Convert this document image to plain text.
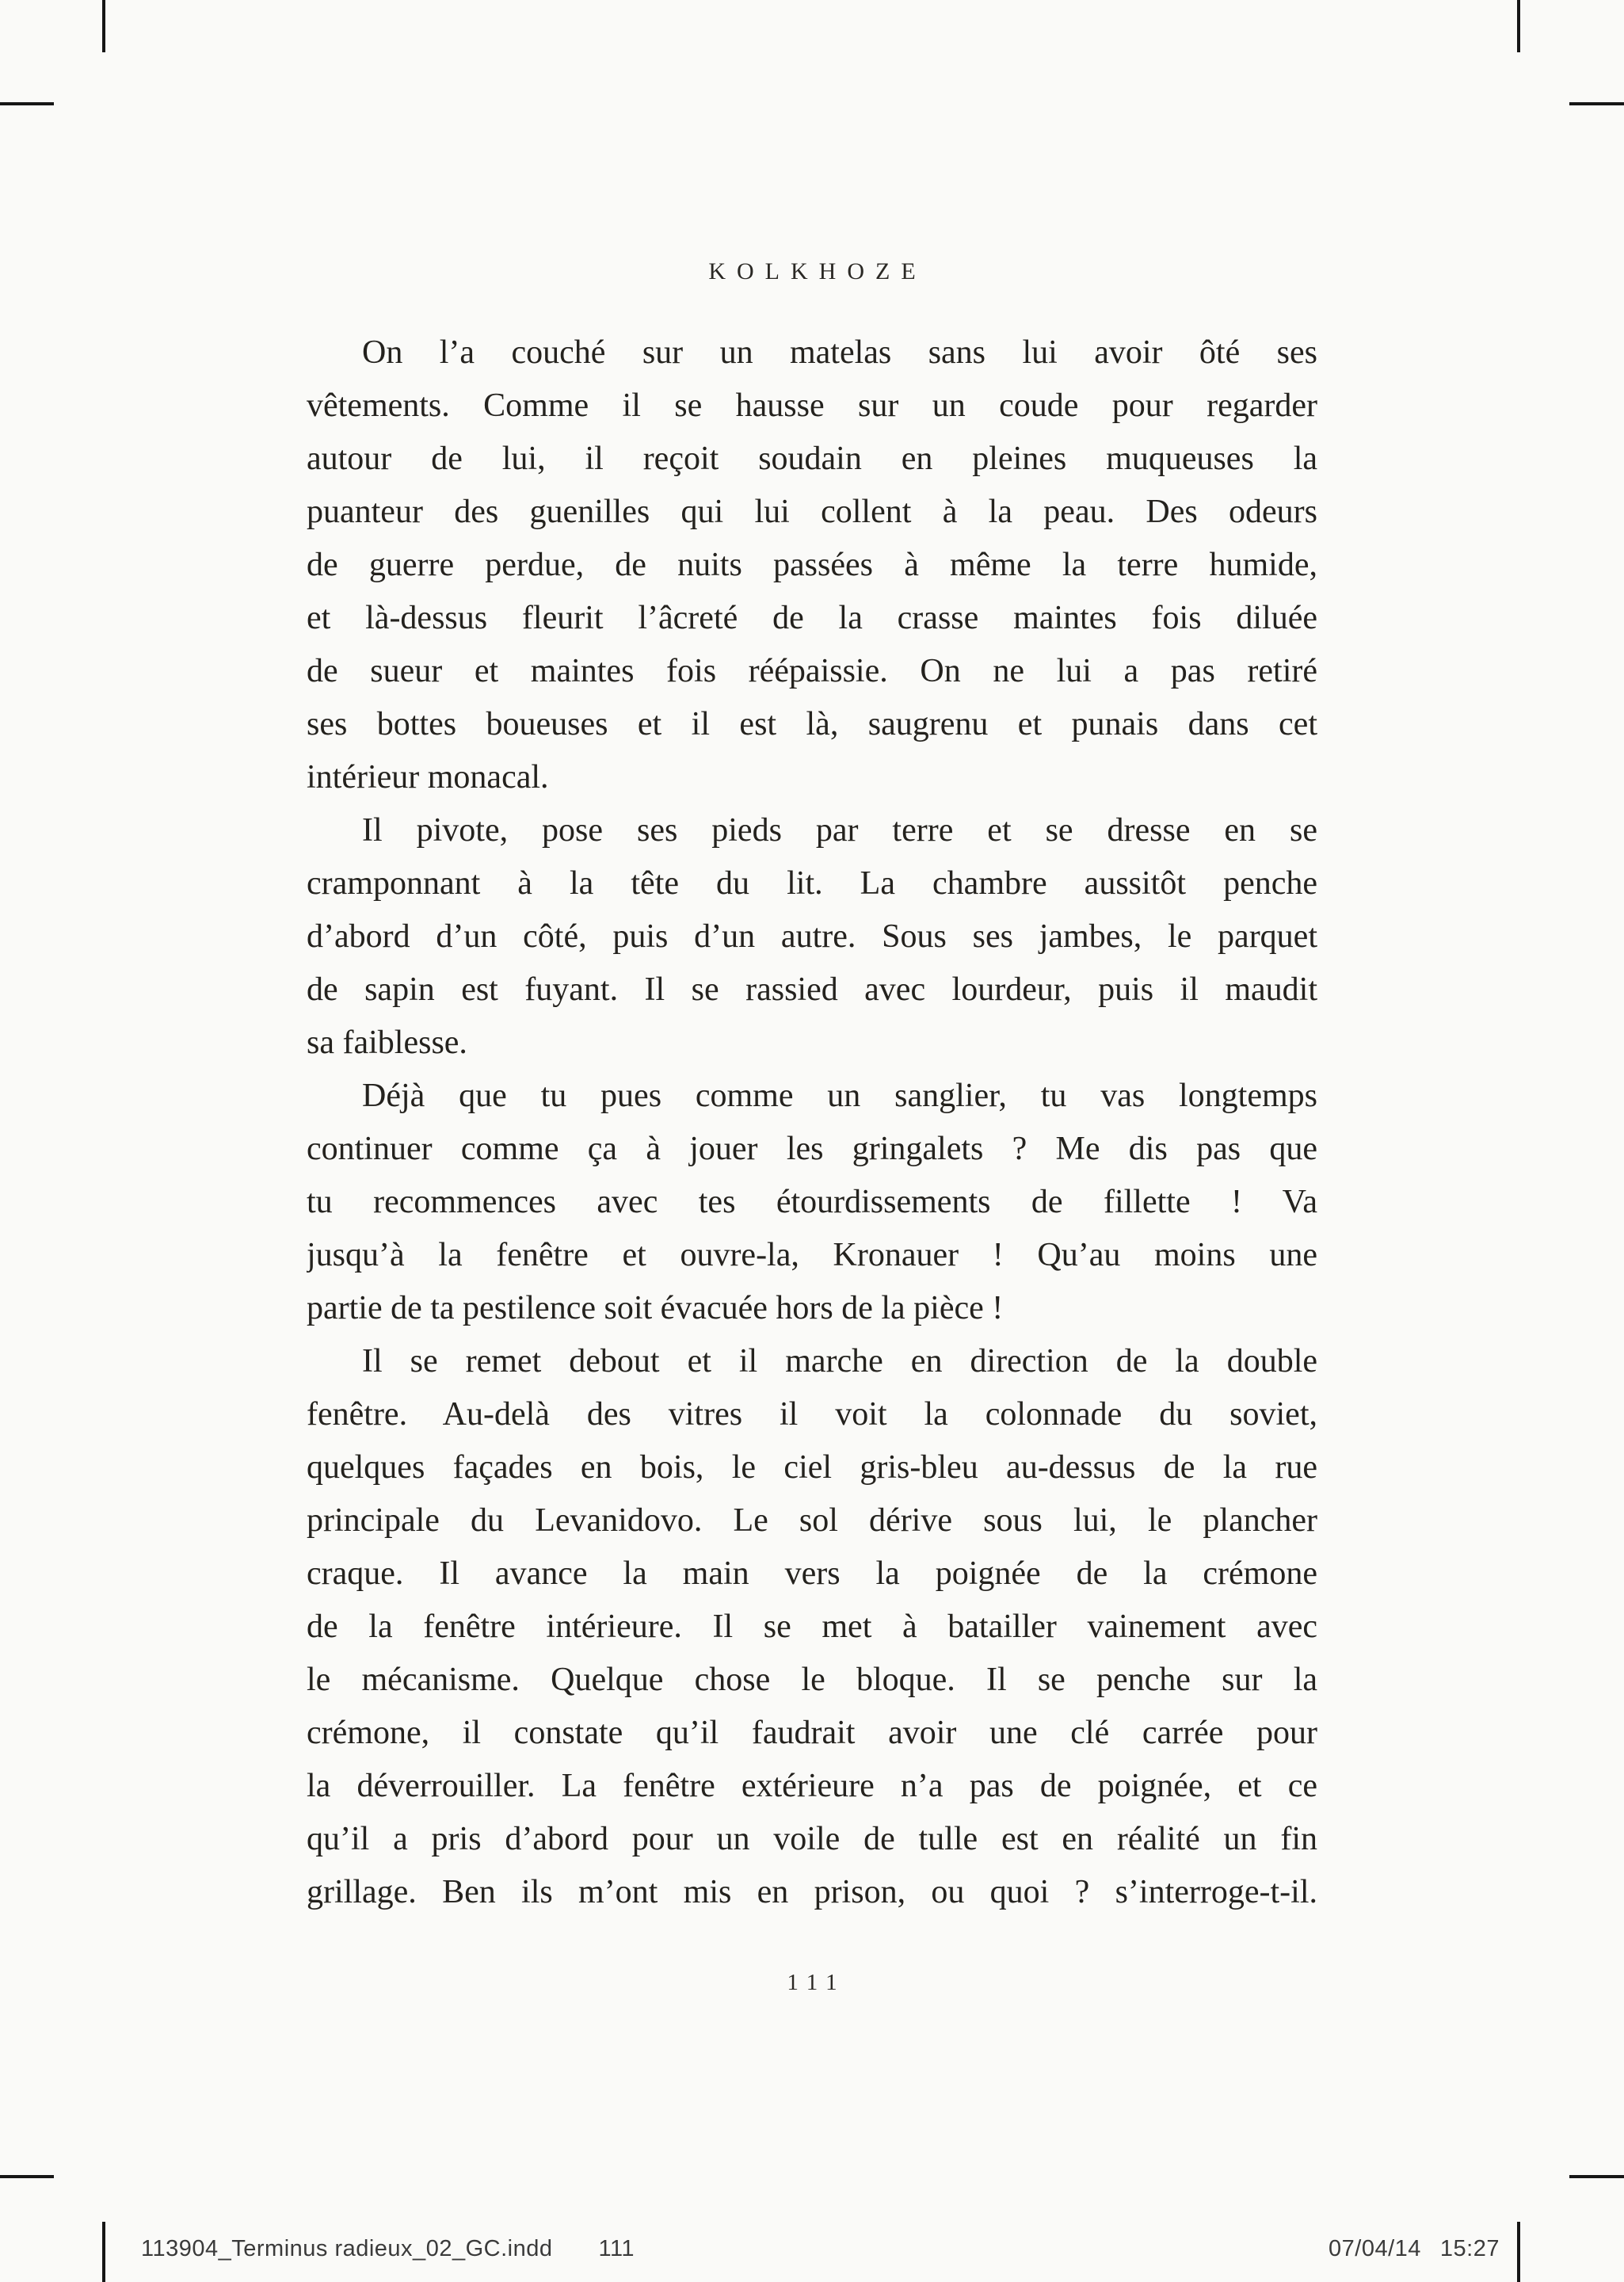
KOLKHOZE
On l’a couché sur un matelas sans lui avoir ôté ses
vêtements. Comme il se hausse sur un coude pour regarder
autour de lui, il reçoit soudain en pleines muqueuses la
puanteur des guenilles qui lui collent à la peau. Des odeurs
de guerre perdue, de nuits passées à même la terre humide,
et là-dessus fleurit l’âcreté de la crasse maintes fois diluée
de sueur et maintes fois réépaissie. On ne lui a pas retiré
ses bottes boueuses et il est là, saugrenu et punais dans cet
intérieur monacal.
Il pivote, pose ses pieds par terre et se dresse en se
cramponnant à la tête du lit. La chambre aussitôt penche
d’abord d’un côté, puis d’un autre. Sous ses jambes, le parquet
de sapin est fuyant. Il se rassied avec lourdeur, puis il maudit
sa faiblesse.
Déjà que tu pues comme un sanglier, tu vas longtemps
continuer comme ça à jouer les gringalets ? Me dis pas que
tu recommences avec tes étourdissements de fillette ! Va
jusqu’à la fenêtre et ouvre-la, Kronauer ! Qu’au moins une
partie de ta pestilence soit évacuée hors de la pièce !
Il se remet debout et il marche en direction de la double
fenêtre. Au-delà des vitres il voit la colonnade du soviet,
quelques façades en bois, le ciel gris-bleu au-dessus de la rue
principale du Levanidovo. Le sol dérive sous lui, le plancher
craque. Il avance la main vers la poignée de la crémone
de la fenêtre intérieure. Il se met à batailler vainement avec
le mécanisme. Quelque chose le bloque. Il se penche sur la
crémone, il constate qu’il faudrait avoir une clé carrée pour
la déverrouiller. La fenêtre extérieure n’a pas de poignée, et ce
qu’il a pris d’abord pour un voile de tulle est en réalité un fin
grillage. Ben ils m’ont mis en prison, ou quoi ? s’interroge-t-il.
111
113904_Terminus radieux_02_GC.indd 111	07/04/14 15:27
